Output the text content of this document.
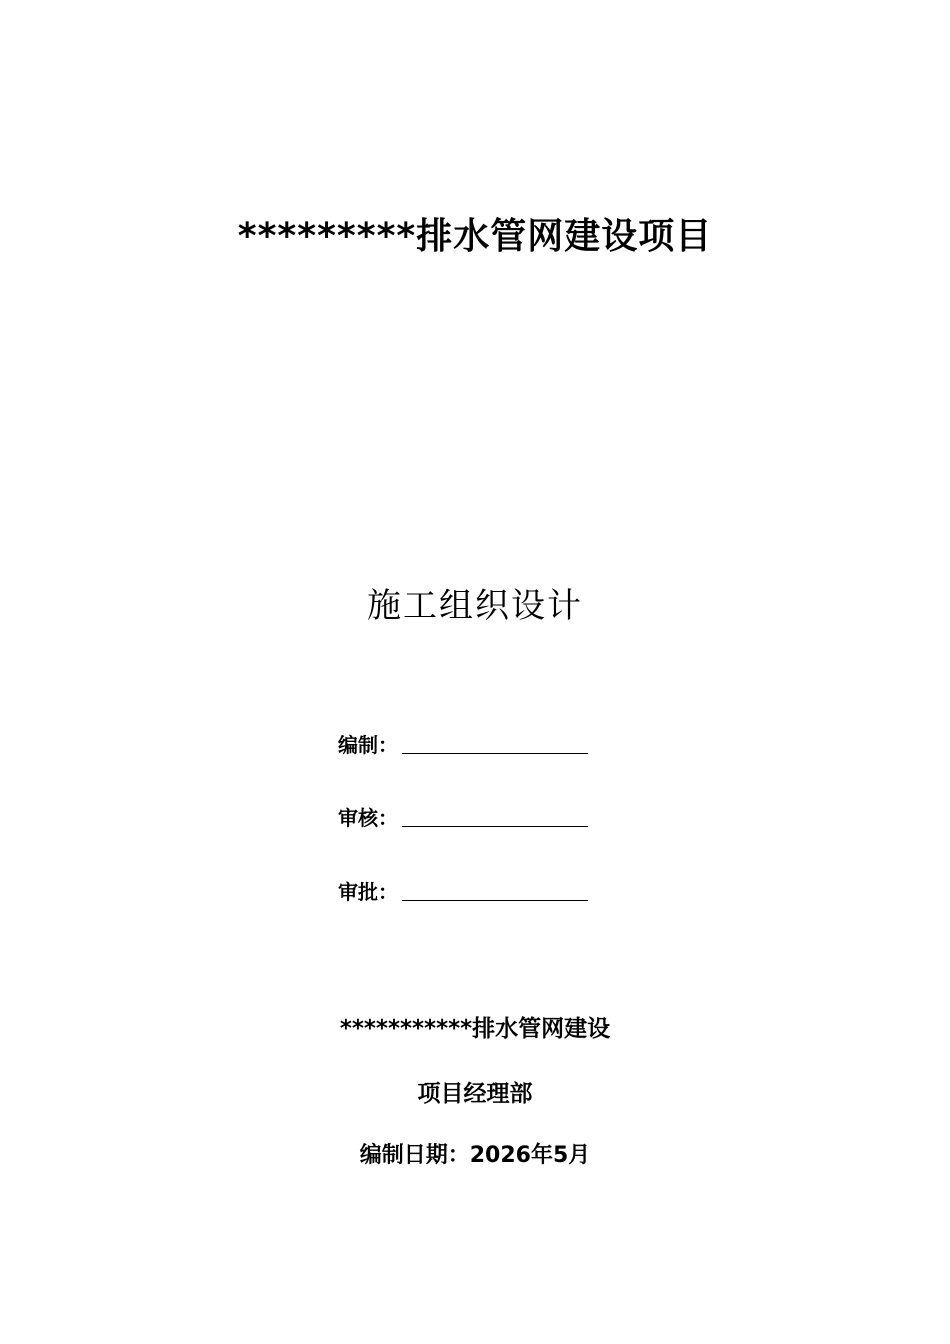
*********排水管网建设项目
施工组织设计
编制：
审核：
审批：
***********排水管网建设
项目经理部
编制日期：2026年5月
